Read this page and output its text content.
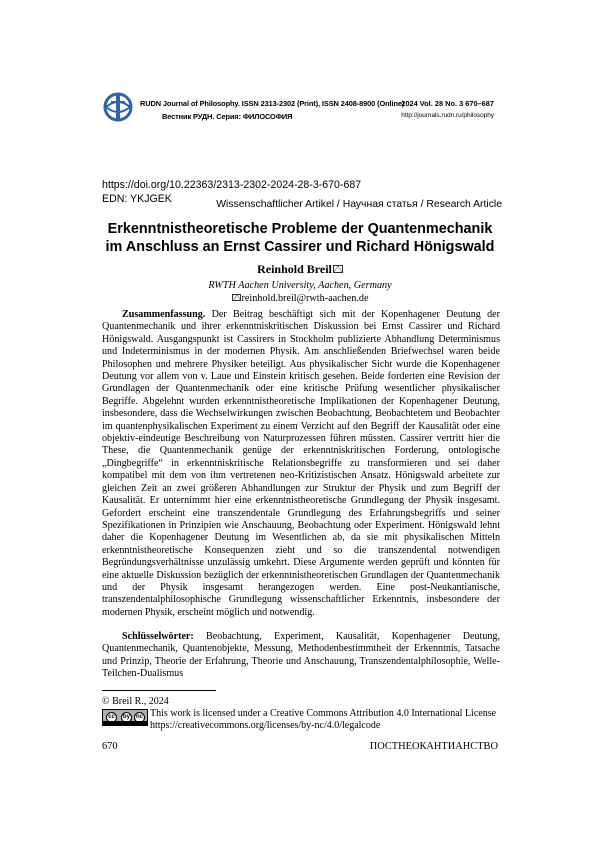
RUDN Journal of Philosophy. ISSN 2313-2302 (Print), ISSN 2408-8900 (Online)
Вестник РУДН. Серия: ФИЛОСОФИЯ
2024 Vol. 28 No. 3 670–687
http://journals.rudn.ru/philosophy
https://doi.org/10.22363/2313-2302-2024-28-3-670-687
EDN: YKJGEK	Wissenschaftlicher Artikel / Научная статья / Research Article
Erkenntnistheoretische Probleme der Quantenmechanik im Anschluss an Ernst Cassirer und Richard Hönigswald
Reinhold Breil
RWTH Aachen University, Aachen, Germany
reinhold.breil@rwth-aachen.de
Zusammenfassung. Der Beitrag beschäftigt sich mit der Kopenhagener Deutung der Quantenmechanik und ihrer erkenntniskritischen Diskussion bei Ernst Cassirer und Richard Hönigswald. Ausgangspunkt ist Cassirers in Stockholm publizierte Abhandlung Determinismus und Indeterminismus in der modernen Physik. Am anschließenden Briefwechsel waren beide Philosophen und mehrere Physiker beteiligt. Aus physikalischer Sicht wurde die Kopenhagener Deutung vor allem von v. Laue und Einstein kritisch gesehen. Beide forderten eine Revision der Grundlagen der Quantenmechanik oder eine kritische Prüfung wesentlicher physikalischer Begriffe. Abgelehnt wurden erkenntnistheoretische Implikationen der Kopenhagener Deutung, insbesondere, dass die Wechselwirkungen zwischen Beobachtung, Beobachtetem und Beobachter im quantenphysikalischen Experiment zu einem Verzicht auf den Begriff der Kausalität oder eine objektiv-eindeutige Beschreibung von Naturprozessen führen müssten. Cassirer vertritt hier die These, die Quantenmechanik genüge der erkenntniskritischen Forderung, ontologische „Dingbegriffe“ in erkenntniskritische Relationsbegriffe zu transformieren und sei daher kompatibel mit dem von ihm vertretenen neo-Kritizistischen Ansatz. Hönigswald arbeitete zur gleichen Zeit an zwei größeren Abhandlungen zur Struktur der Physik und zum Begriff der Kausalität. Er unternimmt hier eine erkenntnistheoretische Grundlegung der Physik insgesamt. Gefordert erscheint eine transzendentale Grundlegung des Erfahrungsbegriffs und seiner Spezifikationen in Prinzipien wie Anschauung, Beobachtung oder Experiment. Hönigswald lehnt daher die Kopenhagener Deutung im Wesentlichen ab, da sie mit physikalischen Mitteln erkenntnistheoretische Konsequenzen zieht und so die transzendental notwendigen Begründungsverhältnisse unzulässig umkehrt. Diese Argumente werden geprüft und könnten für eine aktuelle Diskussion bezüglich der erkenntnistheoretischen Grundlagen der Quantenmechanik und der Physik insgesamt herangezogen werden. Eine post-Neukantianische, transzendentalphilosophische Grundlegung wissenschaftlicher Erkenntnis, insbesondere der modernen Physik, erscheint möglich und notwendig.
Schlüsselwörter: Beobachtung, Experiment, Kausalität, Kopenhagener Deutung, Quantenmechanik, Quantenobjekte, Messung, Methodenbestimmtheit der Erkenntnis, Tatsache und Prinzip, Theorie der Erfahrung, Theorie und Anschauung, Transzendentalphilosophie, Welle-Teilchen-Dualismus
© Breil R., 2024
cc	by nc This work is licensed under a Creative Commons Attribution 4.0 International License
https://creativecommons.org/licenses/by-nc/4.0/legalcode
670	ПОСТНЕОКАНТИАНСТВО
